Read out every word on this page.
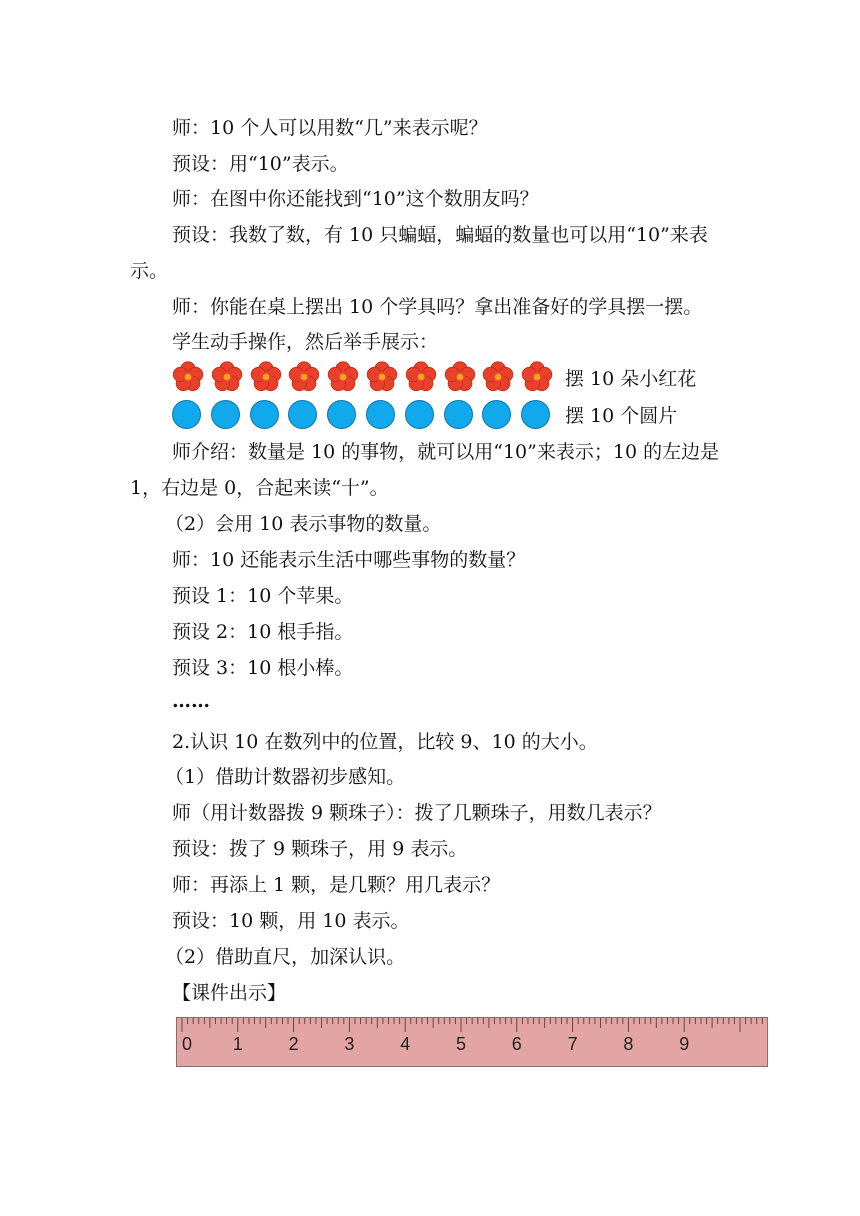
师：10 个人可以用数“几”来表示呢？
预设：用“10”表示。
师：在图中你还能找到“10”这个数朋友吗？
预设：我数了数，有 10 只蝙蝠，蝙蝠的数量也可以用“10”来表示。
师：你能在桌上摆出 10 个学具吗？拿出准备好的学具摆一摆。
学生动手操作，然后举手展示：
摆 10 朵小红花
摆 10 个圆片
师介绍：数量是 10 的事物，就可以用“10”来表示；10 的左边是 1，右边是 0，合起来读“十”。
（2）会用 10 表示事物的数量。
师：10 还能表示生活中哪些事物的数量？
预设 1：10 个苹果。
预设 2：10 根手指。
预设 3：10 根小棒。
……
2.认识 10 在数列中的位置，比较 9、10 的大小。
（1）借助计数器初步感知。
师（用计数器拨 9 颗珠子）：拨了几颗珠子，用数几表示？
预设：拨了 9 颗珠子，用 9 表示。
师：再添上 1 颗，是几颗？用几表示？
预设：10 颗，用 10 表示。
（2）借助直尺，加深认识。
【课件出示】
0 1	2	3	4	5	6	7	8	9
